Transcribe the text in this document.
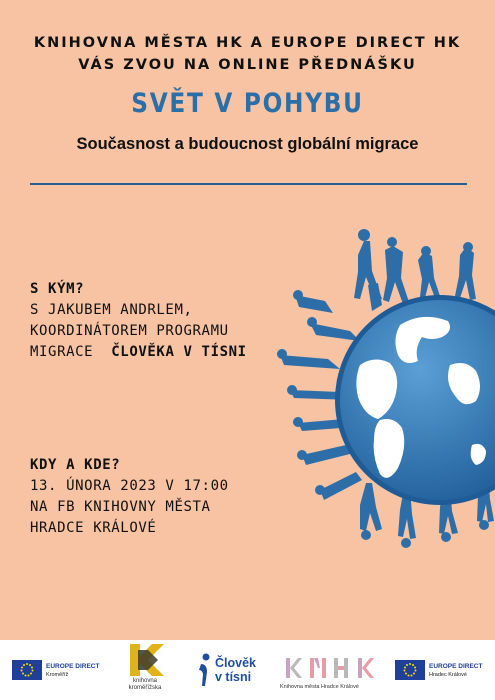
KNIHOVNA MĚSTA HK A EUROPE DIRECT HK
VÁS ZVOU NA ONLINE PŘEDNÁŠKU
SVĚT V POHYBU
Současnost a budoucnost globální migrace
S KÝM?
S JAKUBEM ANDRLEM,
KOORDINÁTOREM PROGRAMU
MIGRACE  ČLOVĚKA V TÍSNI
KDY A KDE?
13. ÚNORA 2023 V 17:00
NA FB KNIHOVNY MĚSTA
HRADCE KRÁLOVÉ
EUROPE DIRECT
Kroměříž
knihovna
kroměřížska
Člověk
v tísni
Knihovna města Hradce Králové
EUROPE DIRECT
Hradec Králové
